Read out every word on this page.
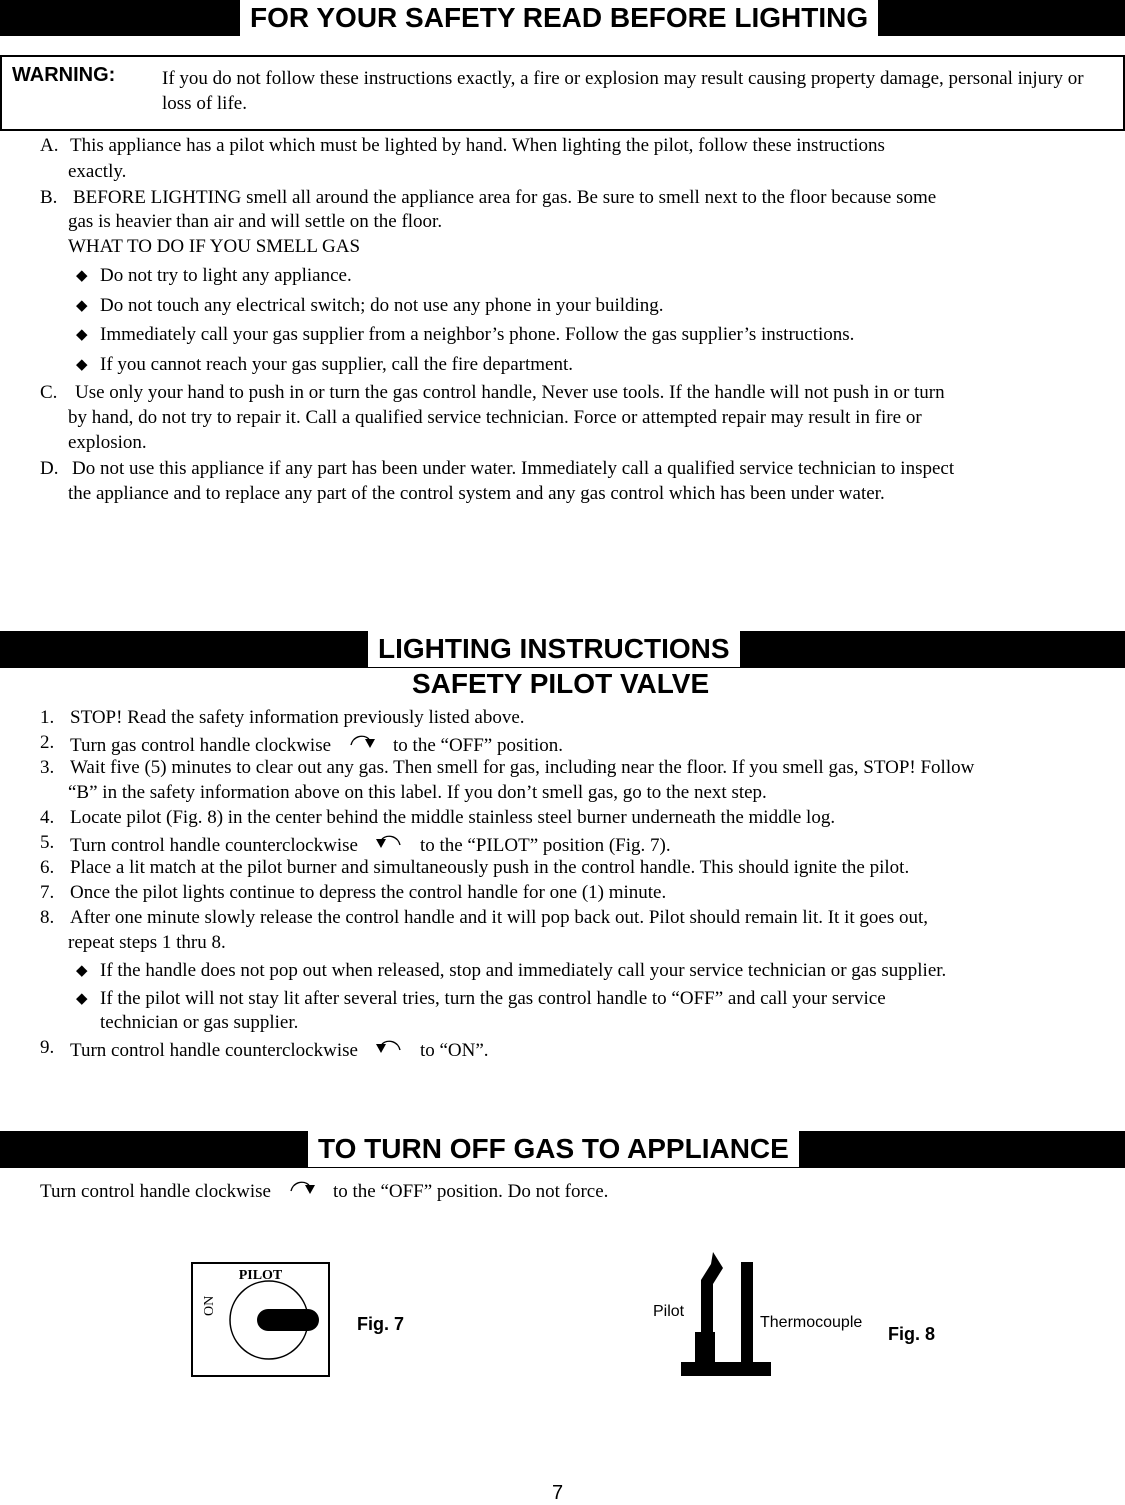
FOR YOUR SAFETY READ BEFORE LIGHTING
WARNING: If you do not follow these instructions exactly, a fire or explosion may result causing property damage, personal injury or loss of life.
A. This appliance has a pilot which must be lighted by hand. When lighting the pilot, follow these instructions
exactly.
B. BEFORE LIGHTING smell all around the appliance area for gas. Be sure to smell next to the floor because some
gas is heavier than air and will settle on the floor.
WHAT TO DO IF YOU SMELL GAS
◆ Do not try to light any appliance.
◆ Do not touch any electrical switch; do not use any phone in your building.
◆ Immediately call your gas supplier from a neighbor’s phone. Follow the gas supplier’s instructions.
◆ If you cannot reach your gas supplier, call the fire department.
C. Use only your hand to push in or turn the gas control handle, Never use tools. If the handle will not push in or turn
by hand, do not try to repair it. Call a qualified service technician. Force or attempted repair may result in fire or
explosion.
D. Do not use this appliance if any part has been under water. Immediately call a qualified service technician to inspect
the appliance and to replace any part of the control system and any gas control which has been under water.
LIGHTING INSTRUCTIONS
SAFETY PILOT VALVE
1. STOP! Read the safety information previously listed above.
2. Turn gas control handle clockwise	to the “OFF” position.
3. Wait five (5) minutes to clear out any gas. Then smell for gas, including near the floor. If you smell gas, STOP! Follow
“B” in the safety information above on this label. If you don’t smell gas, go to the next step.
4. Locate pilot (Fig. 8) in the center behind the middle stainless steel burner underneath the middle log.
5. Turn control handle counterclockwise	to the “PILOT” position (Fig. 7).
6. Place a lit match at the pilot burner and simultaneously push in the control handle. This should ignite the pilot.
7. Once the pilot lights continue to depress the control handle for one (1) minute.
8. After one minute slowly release the control handle and it will pop back out. Pilot should remain lit. It it goes out,
repeat steps 1 thru 8.
◆ If the handle does not pop out when released, stop and immediately call your service technician or gas supplier.
◆ If the pilot will not stay lit after several tries, turn the gas control handle to “OFF” and call your service
technician or gas supplier.
9. Turn control handle counterclockwise	to “ON”.
TO TURN OFF GAS TO APPLIANCE
Turn control handle clockwise	to the “OFF” position. Do not force.
PILOT
ON
Fig. 7
Pilot
Thermocouple
Fig. 8
7
